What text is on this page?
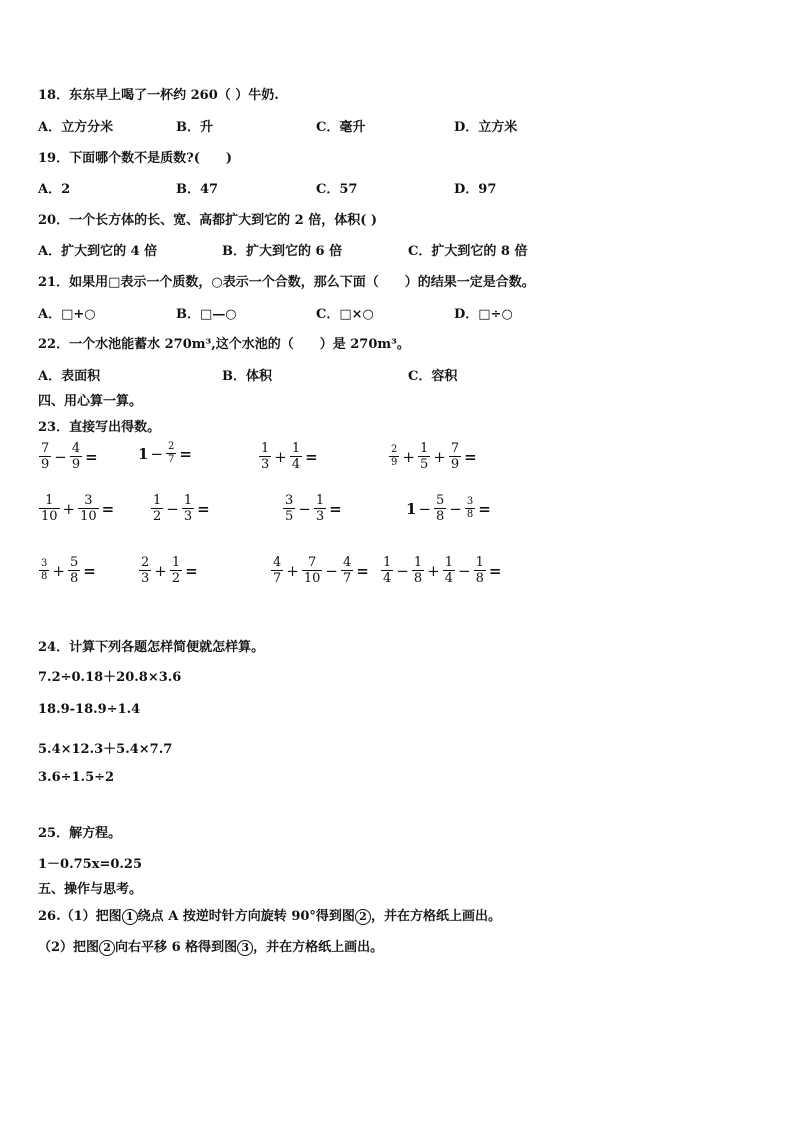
18．东东早上喝了一杯约 260（ ）牛奶.
A．立方分米	B．升	C．毫升	D．立方米
19．下面哪个数不是质数?(　　)
A．2	B．47	C．57	D．97
20．一个长方体的长、宽、高都扩大到它的 2 倍，体积( )
A．扩大到它的 4 倍	B．扩大到它的 6 倍	C．扩大到它的 8 倍
21．如果用□表示一个质数，○表示一个合数，那么下面（　　）的结果一定是合数。
A．□+○	B．□—○	C．□×○	D．□÷○
22．一个水池能蓄水 270m³,这个水池的（　　）是 270m³。
A．表面积	B．体积	C．容积
四、用心算一算。
23．直接写出得数。
$\frac{7}{9} - \frac{4}{9}$ =	$1 - \frac{2}{7}$ =	$\frac{1}{3} + \frac{1}{4}$ =	$\frac{2}{9} + \frac{1}{5} + \frac{7}{9}$ =
$\frac{1}{10} + \frac{3}{10}$ =	$\frac{1}{2} - \frac{1}{3}$ =	$\frac{3}{5} - \frac{1}{3}$ =	$1 - \frac{5}{8} - \frac{3}{8}$ =
$\frac{3}{8} + \frac{5}{8}$ =	$\frac{2}{3} + \frac{1}{2}$ =	$\frac{4}{7} + \frac{7}{10} - \frac{4}{7} = \frac{1}{4} - \frac{1}{8} + \frac{1}{4} - \frac{1}{8}$ =
24．计算下列各题怎样简便就怎样算。
7.2÷0.18＋20.8×3.6
18.9-18.9÷1.4
5.4×12.3＋5.4×7.7
3.6÷1.5÷2
25．解方程。
1－0.75x=0.25
五、操作与思考。
26.（1）把图 1 绕点 A 按逆时针方向旋转 90°得到图 2 ，并在方格纸上画出。
（2）把图 2 向右平移 6 格得到图 3 ，并在方格纸上画出。
